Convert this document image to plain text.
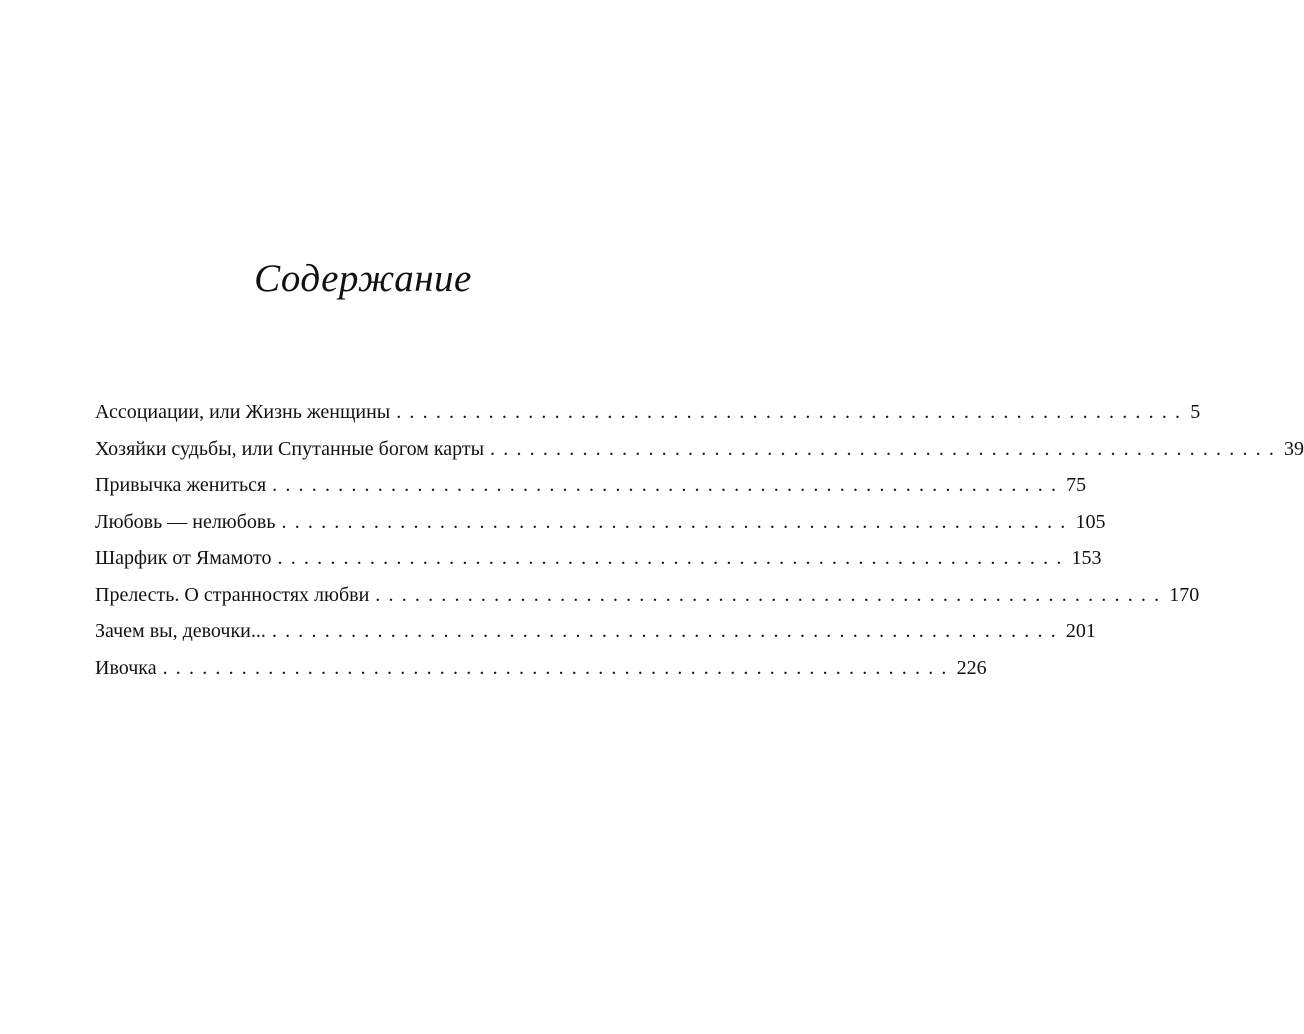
Содержание
Ассоциации, или Жизнь женщины ............................................................ 5
Хозяйки судьбы, или Спутанные богом карты ............................................................ 39
Привычка жениться ............................................................ 75
Любовь — нелюбовь ............................................................ 105
Шарфик от Ямамото ............................................................ 153
Прелесть. О странностях любви ............................................................ 170
Зачем вы, девочки... ............................................................ 201
Ивочка ............................................................ 226
